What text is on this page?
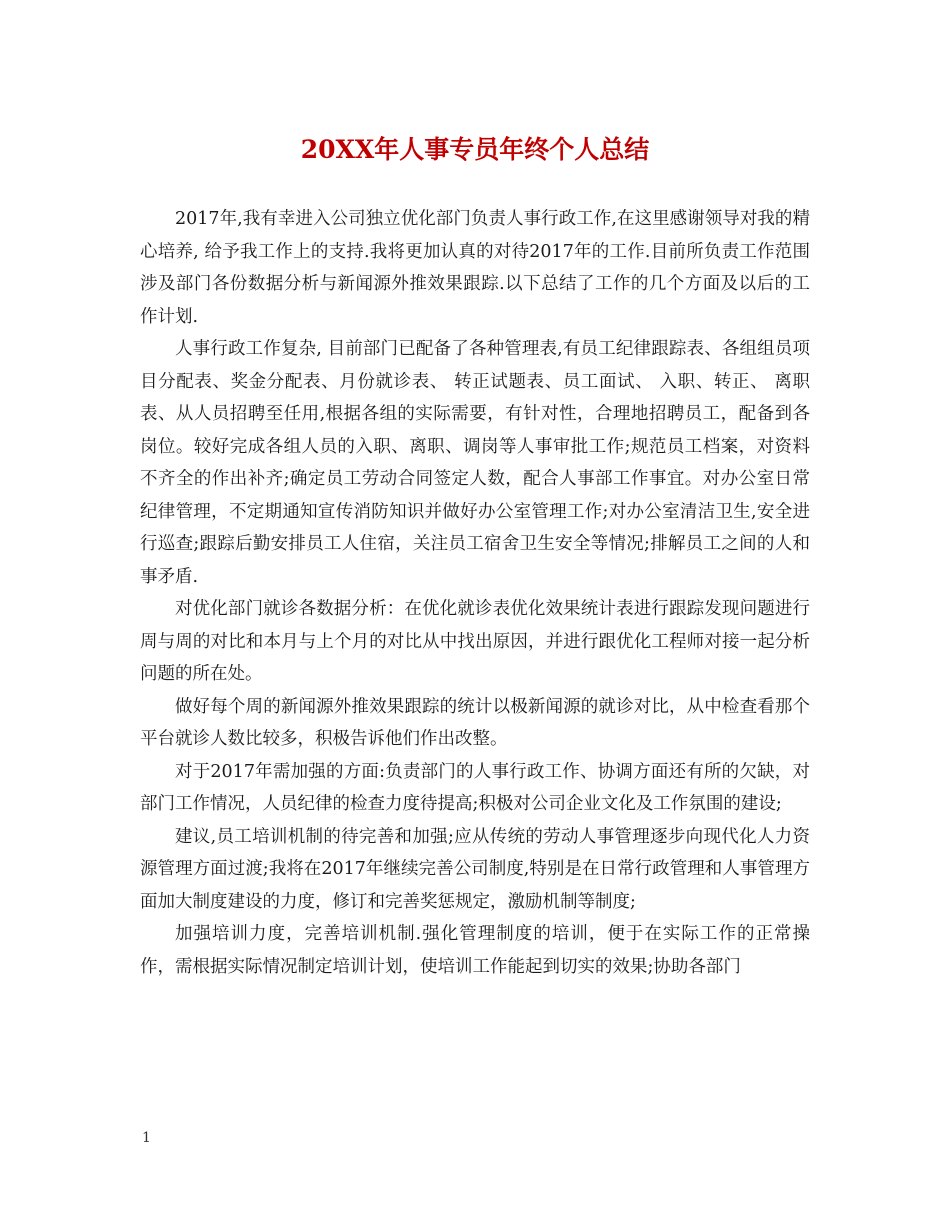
20XX年人事专员年终个人总结

2017年,我有幸进入公司独立优化部门负责人事行政工作,在这里感谢领导对我的精心培养, 给予我工作上的支持.我将更加认真的对待2017年的工作.目前所负责工作范围涉及部门各份数据分析与新闻源外推效果跟踪.以下总结了工作的几个方面及以后的工作计划.

人事行政工作复杂, 目前部门已配备了各种管理表,有员工纪律跟踪表、各组组员项目分配表、奖金分配表、月份就诊表、 转正试题表、员工面试、 入职、转正、 离职表、从人员招聘至任用,根据各组的实际需要，有针对性，合理地招聘员工，配备到各岗位。较好完成各组人员的入职、离职、调岗等人事审批工作;规范员工档案，对资料不齐全的作出补齐;确定员工劳动合同签定人数，配合人事部工作事宜。对办公室日常纪律管理，不定期通知宣传消防知识并做好办公室管理工作;对办公室清洁卫生,安全进行巡查;跟踪后勤安排员工人住宿，关注员工宿舍卫生安全等情况;排解员工之间的人和事矛盾.

对优化部门就诊各数据分析：在优化就诊表优化效果统计表进行跟踪发现问题进行周与周的对比和本月与上个月的对比从中找出原因，并进行跟优化工程师对接一起分析问题的所在处。

做好每个周的新闻源外推效果跟踪的统计以极新闻源的就诊对比，从中检查看那个平台就诊人数比较多，积极告诉他们作出改整。

对于2017年需加强的方面:负责部门的人事行政工作、协调方面还有所的欠缺，对部门工作情况，人员纪律的检查力度待提高;积极对公司企业文化及工作氛围的建设;

建议,员工培训机制的待完善和加强;应从传统的劳动人事管理逐步向现代化人力资源管理方面过渡;我将在2017年继续完善公司制度,特别是在日常行政管理和人事管理方面加大制度建设的力度，修订和完善奖惩规定，激励机制等制度;

加强培训力度，完善培训机制.强化管理制度的培训，便于在实际工作的正常操作，需根据实际情况制定培训计划，使培训工作能起到切实的效果;协助各部门

1
